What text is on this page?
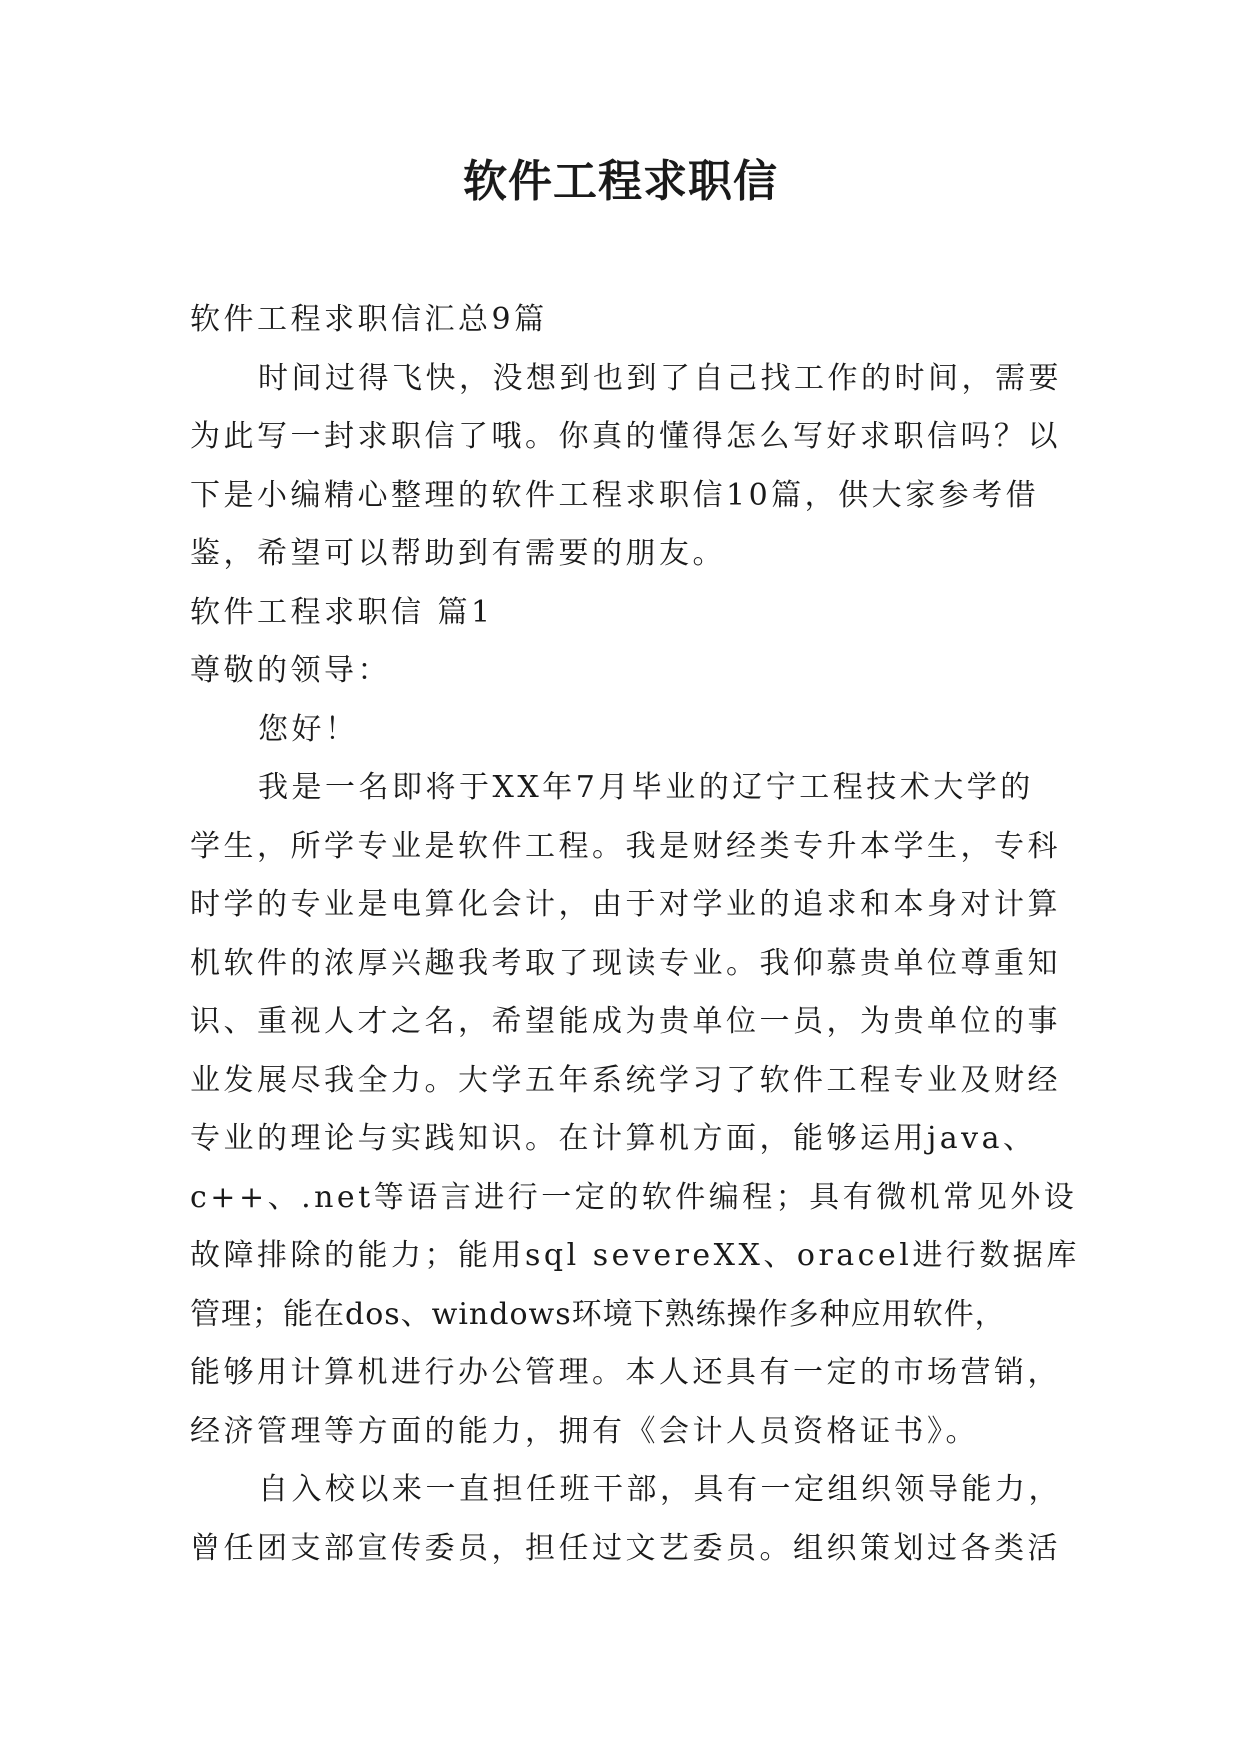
软件工程求职信

软件工程求职信汇总9篇

时间过得飞快，没想到也到了自己找工作的时间，需要

为此写一封求职信了哦。你真的懂得怎么写好求职信吗？以

下是小编精心整理的软件工程求职信10篇，供大家参考借

鉴，希望可以帮助到有需要的朋友。

软件工程求职信 篇1

尊敬的领导：

您好！

我是一名即将于XX年7月毕业的辽宁工程技术大学的

学生，所学专业是软件工程。我是财经类专升本学生，专科

时学的专业是电算化会计，由于对学业的追求和本身对计算

机软件的浓厚兴趣我考取了现读专业。我仰慕贵单位尊重知

识、重视人才之名，希望能成为贵单位一员，为贵单位的事

业发展尽我全力。大学五年系统学习了软件工程专业及财经

专业的理论与实践知识。在计算机方面，能够运用java、

c++、.net等语言进行一定的软件编程；具有微机常见外设

故障排除的能力；能用sql severeXX、oracel进行数据库

管理；能在dos、windows环境下熟练操作多种应用软件，

能够用计算机进行办公管理。本人还具有一定的市场营销，

经济管理等方面的能力，拥有《会计人员资格证书》。

自入校以来一直担任班干部，具有一定组织领导能力，

曾任团支部宣传委员，担任过文艺委员。组织策划过各类活
